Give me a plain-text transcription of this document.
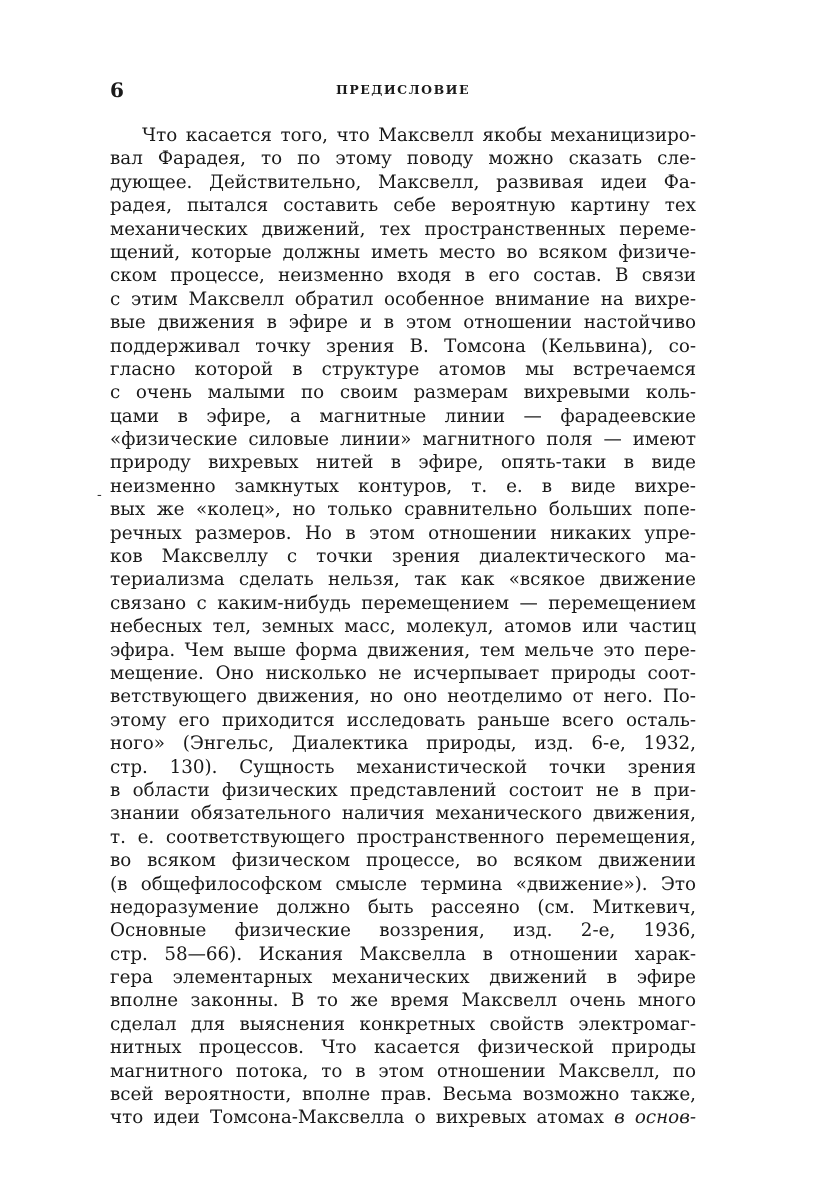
6	ПРЕДИСЛОВИЕ
-
Что касается того, что Максвелл якобы механицизиро-
вал Фарадея, то по этому поводу можно сказать сле-
дующее. Действительно, Максвелл, развивая идеи Фа-
радея, пытался составить себе вероятную картину тех
механических движений, тех пространственных переме-
щений, которые должны иметь место во всяком физиче-
ском процессе, неизменно входя в его состав. В связи
с этим Максвелл обратил особенное внимание на вихре-
вые движения в эфире и в этом отношении настойчиво
поддерживал точку зрения В. Томсона (Кельвина), со-
гласно которой в структуре атомов мы встречаемся
с очень малыми по своим размерам вихревыми коль-
цами в эфире, а магнитные линии — фарадеевские
«физические силовые линии» магнитного поля — имеют
природу вихревых нитей в эфире, опять-таки в виде
неизменно замкнутых контуров, т. е. в виде вихре-
вых же «колец», но только сравнительно больших попе-
речных размеров. Но в этом отношении никаких упре-
ков Максвеллу с точки зрения диалектического ма-
териализма сделать нельзя, так как «всякое движение
связано с каким-нибудь перемещением — перемещением
небесных тел, земных масс, молекул, атомов или частиц
эфира. Чем выше форма движения, тем мельче это пере-
мещение. Оно нисколько не исчерпывает природы соот-
ветствующего движения, но оно неотделимо от него. По-
этому его приходится исследовать раньше всего осталь-
ного» (Энгельс, Диалектика природы, изд. 6-е, 1932,
стр. 130). Сущность механистической точки зрения
в области физических представлений состоит не в при-
знании обязательного наличия механического движения,
т. е. соответствующего пространственного перемещения,
во всяком физическом процессе, во всяком движении
(в общефилософском смысле термина «движение»). Это
недоразумение должно быть рассеяно (см. Миткевич,
Основные физические воззрения, изд. 2-е, 1936,
стр. 58—66). Искания Максвелла в отношении харак-
гера элементарных механических движений в эфире
вполне законны. В то же время Максвелл очень много
сделал для выяснения конкретных свойств электромаг-
нитных процессов. Что касается физической природы
магнитного потока, то в этом отношении Максвелл, по
всей вероятности, вполне прав. Весьма возможно также,
что идеи Томсона-Максвелла о вихревых атомах в основ-
